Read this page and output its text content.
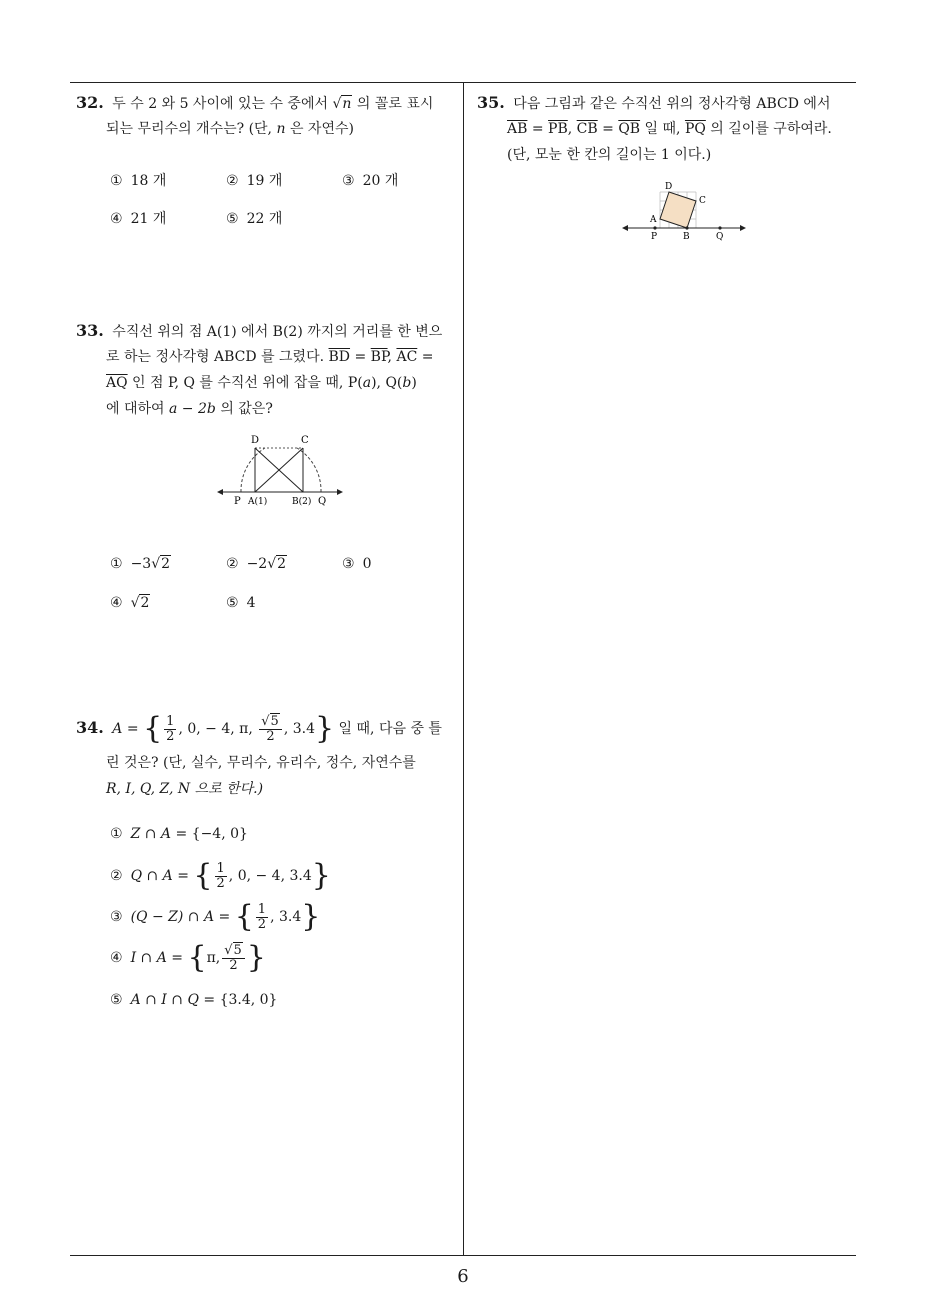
6
32. 두 수 2 와 5 사이에 있는 수 중에서 √n 의 꼴로 표시
되는 무리수의 개수는? (단, n 은 자연수)
① 18 개	② 19 개	③ 20 개
④ 21 개	⑤ 22 개
33. 수직선 위의 점 A(1) 에서 B(2) 까지의 거리를 한 변으
로 하는 정사각형 ABCD 를 그렸다. $\overline{BD} = \overline{BP}$, $\overline{AC}$ =
$\overline{AQ}$ 인 점 P, Q 를 수직선 위에 잡을 때, P(a), Q(b)
에 대하여 a − 2b 의 값은?
D	C
P A(1)	B(2) Q
① −3√2	② −2√2	③ 0
④ √2	⑤ 4
34. A = { $\frac{1}{2}$ , 0, − 4, π, $\frac{√5}{2}$ , 3.4} 일 때, 다음 중 틀
린 것은? (단, 실수, 무리수, 유리수, 정수, 자연수를
R, I, Q, Z, N 으로 한다.)
① Z ∩ A = {−4, 0}
② Q ∩ A = { $\frac{1}{2}$ , 0, − 4, 3.4}
③ (Q − Z) ∩ A = { $\frac{1}{2}$ , 3.4}
④ I ∩ A = {π, $\frac{√5}{2}$ }
⑤ A ∩ I ∩ Q = {3.4, 0}
35. 다음 그림과 같은 수직선 위의 정사각형 ABCD 에서
$\overline{AB} = \overline{PB}$, $\overline{CB} = \overline{QB}$ 일 때, $\overline{PQ}$ 의 길이를 구하여라.
(단, 모눈 한 칸의 길이는 1 이다.)
D
C
A
P	B	Q
